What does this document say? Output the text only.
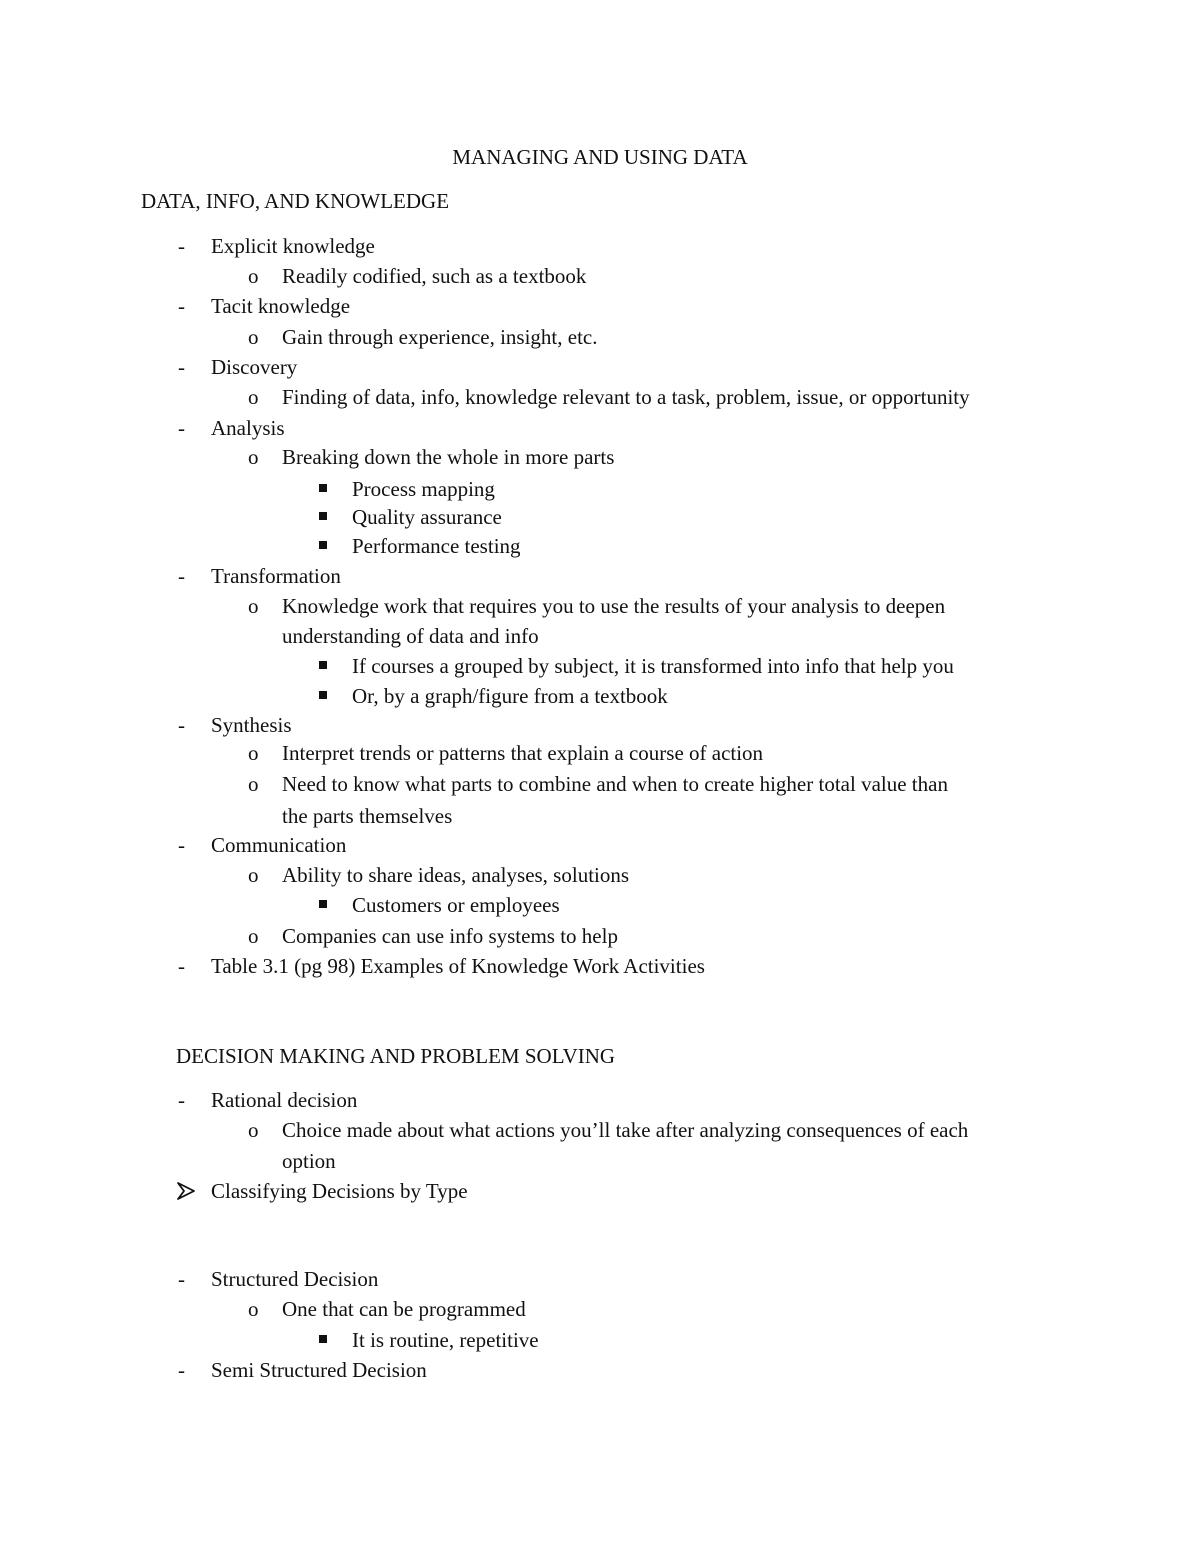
MANAGING AND USING DATA
DATA, INFO, AND KNOWLEDGE
DECISION MAKING AND PROBLEM SOLVING
- Explicit knowledge
o Readily codified, such as a textbook
- Tacit knowledge
o Gain through experience, insight, etc.
- Discovery
o Finding of data, info, knowledge relevant to a task, problem, issue, or opportunity
- Analysis
o Breaking down the whole in more parts
Process mapping
Quality assurance
Performance testing
- Transformation
o Knowledge work that requires you to use the results of your analysis to deepen
understanding of data and info
If courses a grouped by subject, it is transformed into info that help you
Or, by a graph/figure from a textbook
- Synthesis
o Interpret trends or patterns that explain a course of action
o Need to know what parts to combine and when to create higher total value than
the parts themselves
- Communication
o Ability to share ideas, analyses, solutions
Customers or employees
o Companies can use info systems to help
- Table 3.1 (pg 98) Examples of Knowledge Work Activities
- Rational decision
o Choice made about what actions you’ll take after analyzing consequences of each
option
Classifying Decisions by Type
- Structured Decision
o One that can be programmed
It is routine, repetitive
- Semi Structured Decision
